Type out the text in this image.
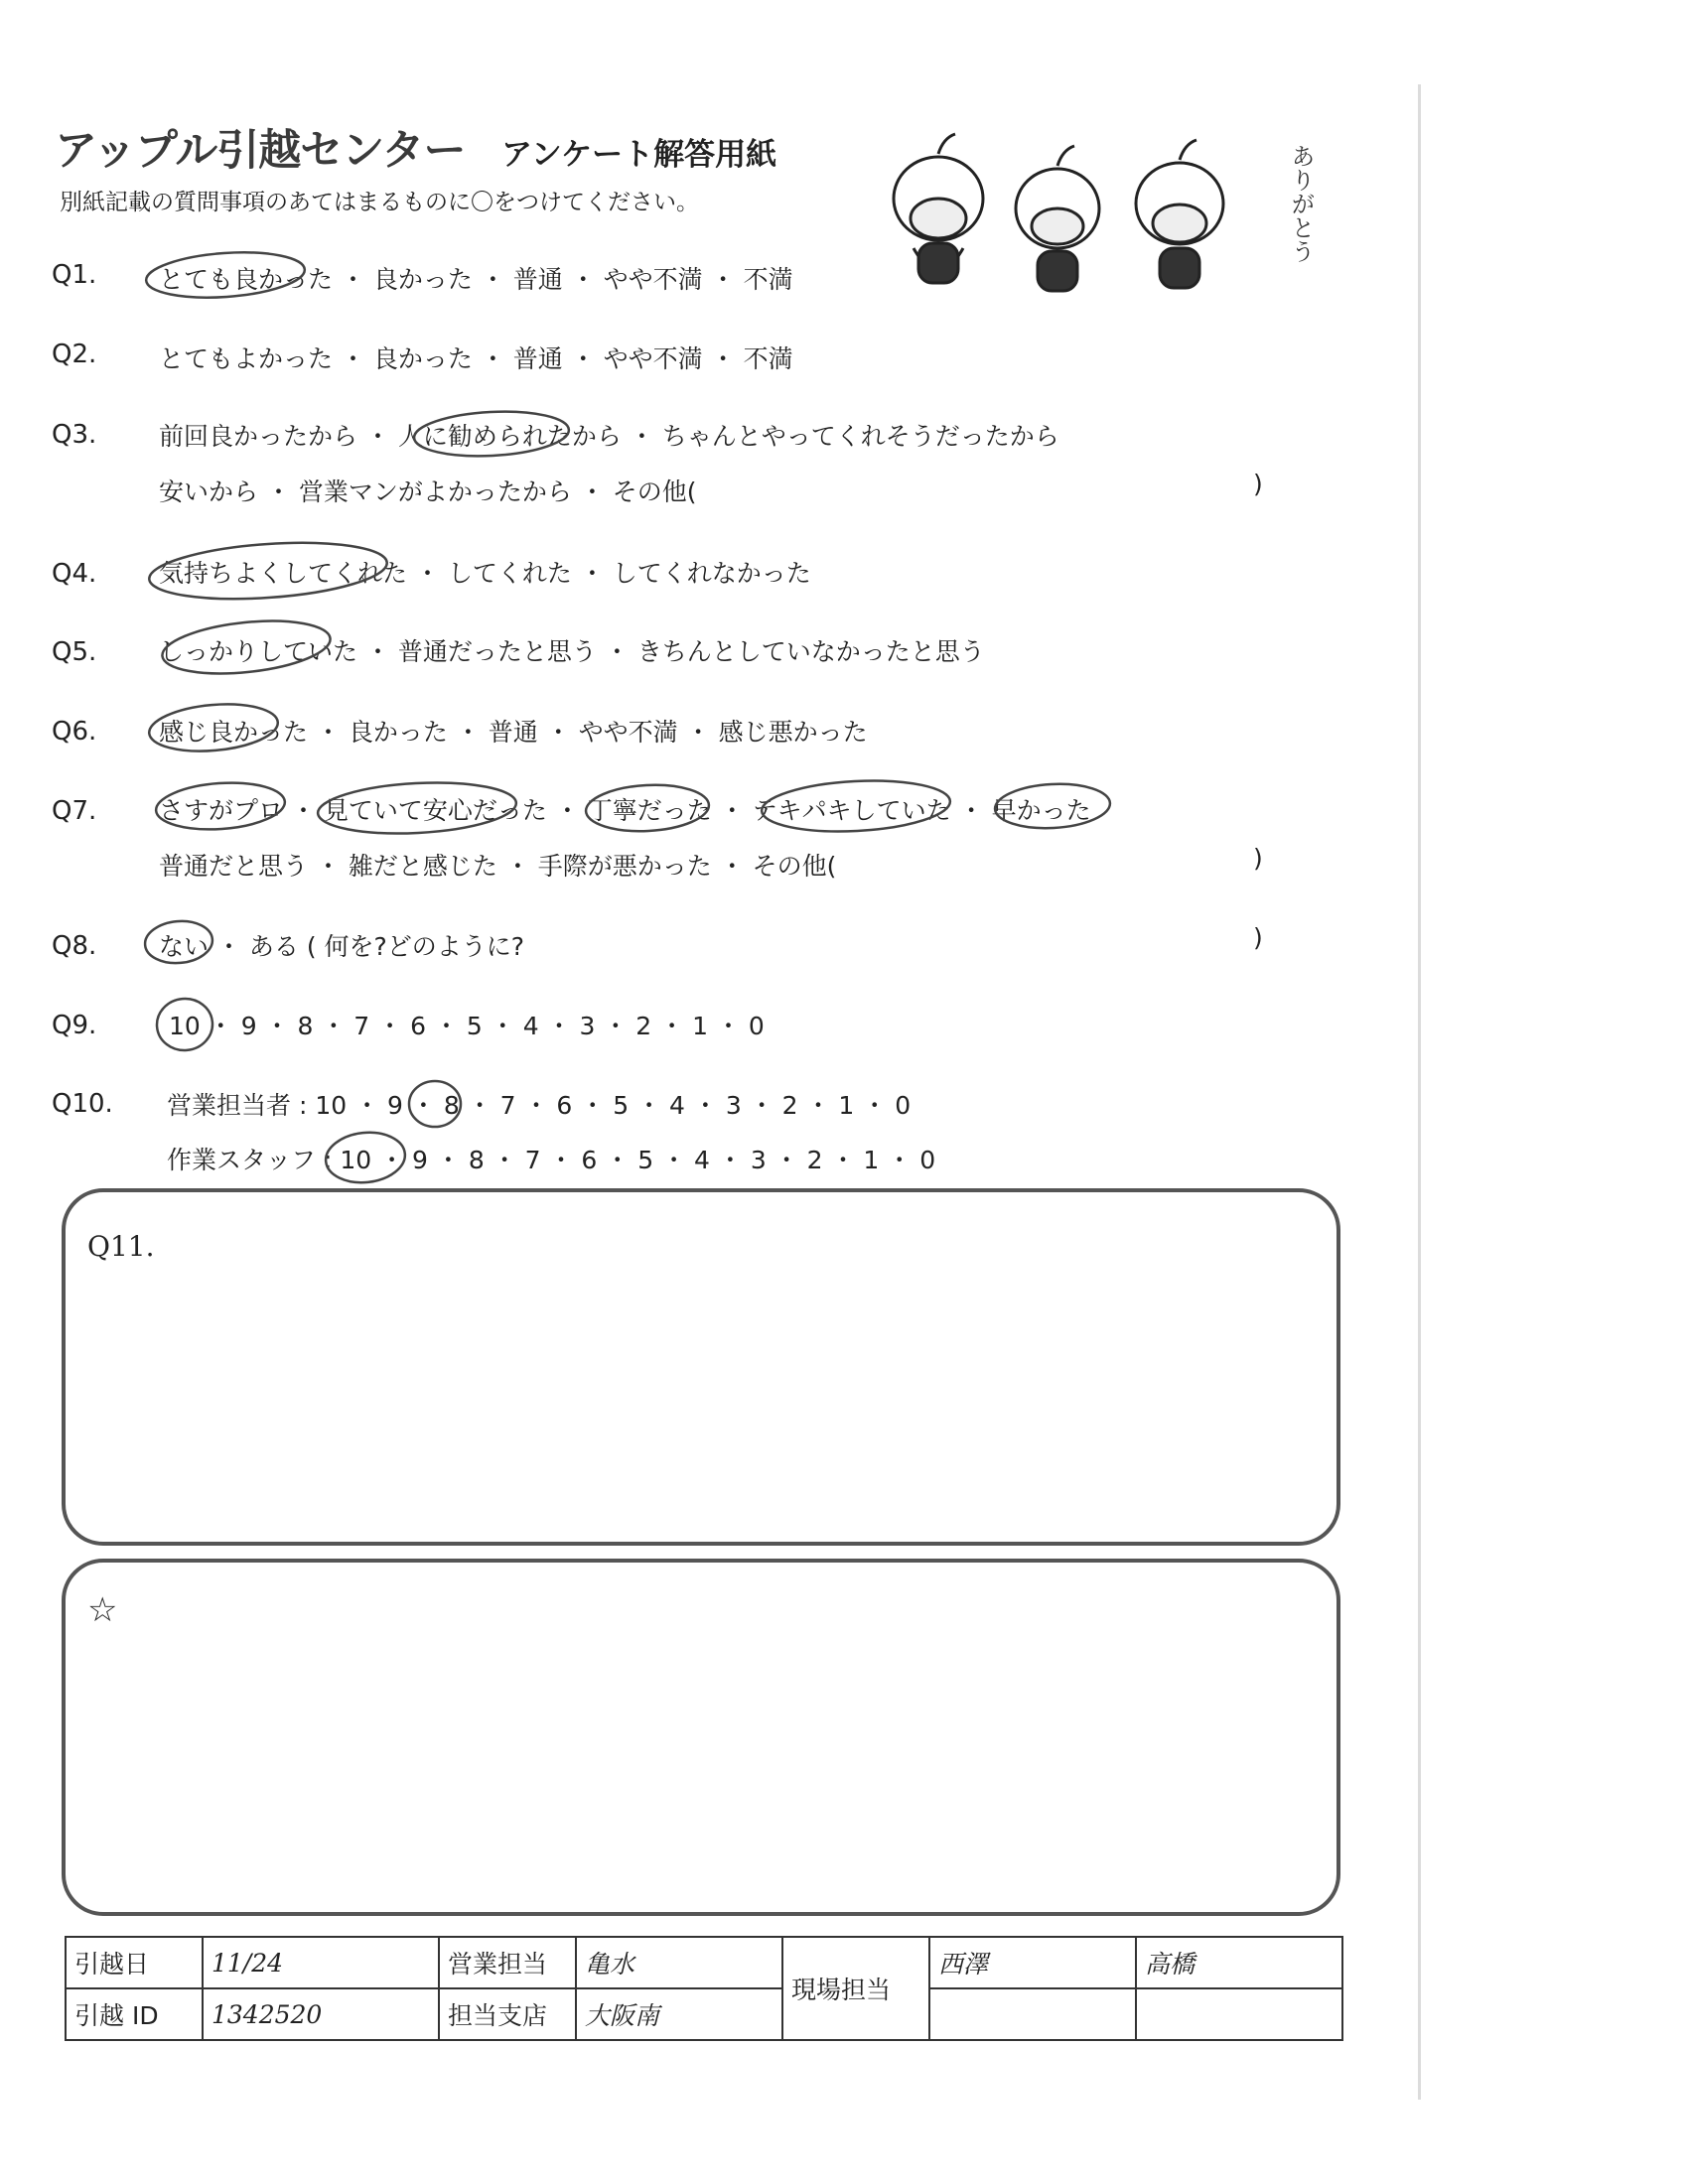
アップル引越センター アンケート解答用紙
別紙記載の質問事項のあてはまるものに〇をつけてください。	ありがとう
Q1.	とても良かった ・ 良かった ・ 普通 ・ やや不満 ・ 不満
Q2.	とてもよかった ・ 良かった ・ 普通 ・ やや不満 ・ 不満
Q3.	前回良かったから ・ 人に勧められたから ・ ちゃんとやってくれそうだったから
安いから ・ 営業マンがよかったから ・ その他(	)
Q4.	気持ちよくしてくれた ・ してくれた ・ してくれなかった
Q5.	しっかりしていた ・ 普通だったと思う ・ きちんとしていなかったと思う
Q6.	感じ良かった ・ 良かった ・ 普通 ・ やや不満 ・ 感じ悪かった
Q7.	さすがプロ ・ 見ていて安心だった ・ 丁寧だった ・ テキパキしていた ・ 早かった
普通だと思う ・ 雑だと感じた ・ 手際が悪かった ・ その他(	)
Q8.	ない ・ ある ( 何を?どのように?	)
Q9.	10 ・ 9 ・ 8 ・ 7 ・ 6 ・ 5 ・ 4 ・ 3 ・ 2 ・ 1 ・ 0
Q10. 営業担当者 : 10 ・ 9 ・ 8 ・ 7 ・ 6 ・ 5 ・ 4 ・ 3 ・ 2 ・ 1 ・ 0
作業スタッフ : 10 ・ 9 ・ 8 ・ 7 ・ 6 ・ 5 ・ 4 ・ 3 ・ 2 ・ 1 ・ 0
Q11.
☆
引越日	11/24	営業担当	亀水	現場担当	西澤	高橋
引越 ID	1342520	担当支店	大阪南			
